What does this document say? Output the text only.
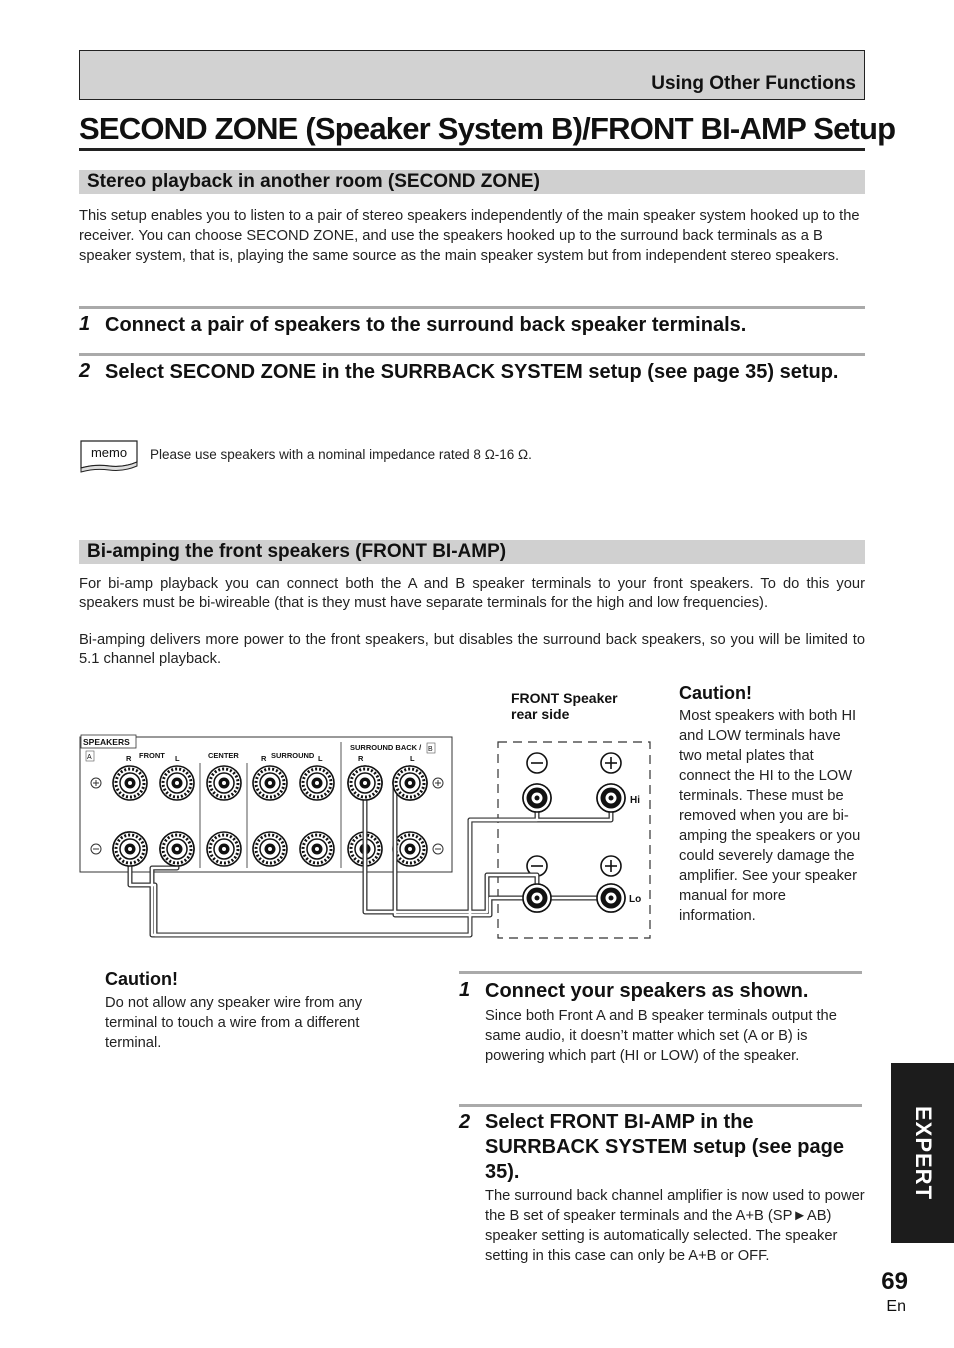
Using Other Functions
SECOND ZONE (Speaker System B)/FRONT BI-AMP Setup
Stereo playback in another room (SECOND ZONE)
This setup enables you to listen to a pair of stereo speakers independently of the main speaker system hooked up to the receiver. You can choose SECOND ZONE, and use the speakers hooked up to the surround back terminals as a B speaker system, that is, playing the same source as the main speaker system but from independent stereo speakers.
1 Connect a pair of speakers to the surround back speaker terminals.
2 Select SECOND ZONE in the SURRBACK SYSTEM setup (see page 35) setup.
memo Please use speakers with a nominal impedance rated 8 Ω-16 Ω.
Bi-amping the front speakers (FRONT BI-AMP)
For bi-amp playback you can connect both the A and B speaker terminals to your front speakers. To do this your speakers must be bi-wireable (that is they must have separate terminals for the high and low frequencies).
Bi-amping delivers more power to the front speakers, but disables the surround back speakers, so you will be limited to 5.1 channel playback.
SPEAKERS
A
B
FRONT	CENTER	SURROUND
SURROUND BACK /
R	L	R	L	R	L
FRONT Speaker
rear side
Hi
Lo
Caution!
Most speakers with both HI and LOW terminals have two metal plates that connect the HI to the LOW terminals. These must be removed when you are bi-amping the speakers or you could severely damage the amplifier. See your speaker manual for more information.
Caution!
Do not allow any speaker wire from any terminal to touch a wire from a different terminal.
1 Connect your speakers as shown.
Since both Front A and B speaker terminals output the same audio, it doesn’t matter which set (A or B) is powering which part (HI or LOW) of the speaker.
2 Select FRONT BI-AMP in the SURRBACK SYSTEM setup (see page 35).
The surround back channel amplifier is now used to power the B set of speaker terminals and the A+B (SP►AB) speaker setting is automatically selected. The speaker setting in this case can only be A+B or OFF.
EXPERT
69
En
